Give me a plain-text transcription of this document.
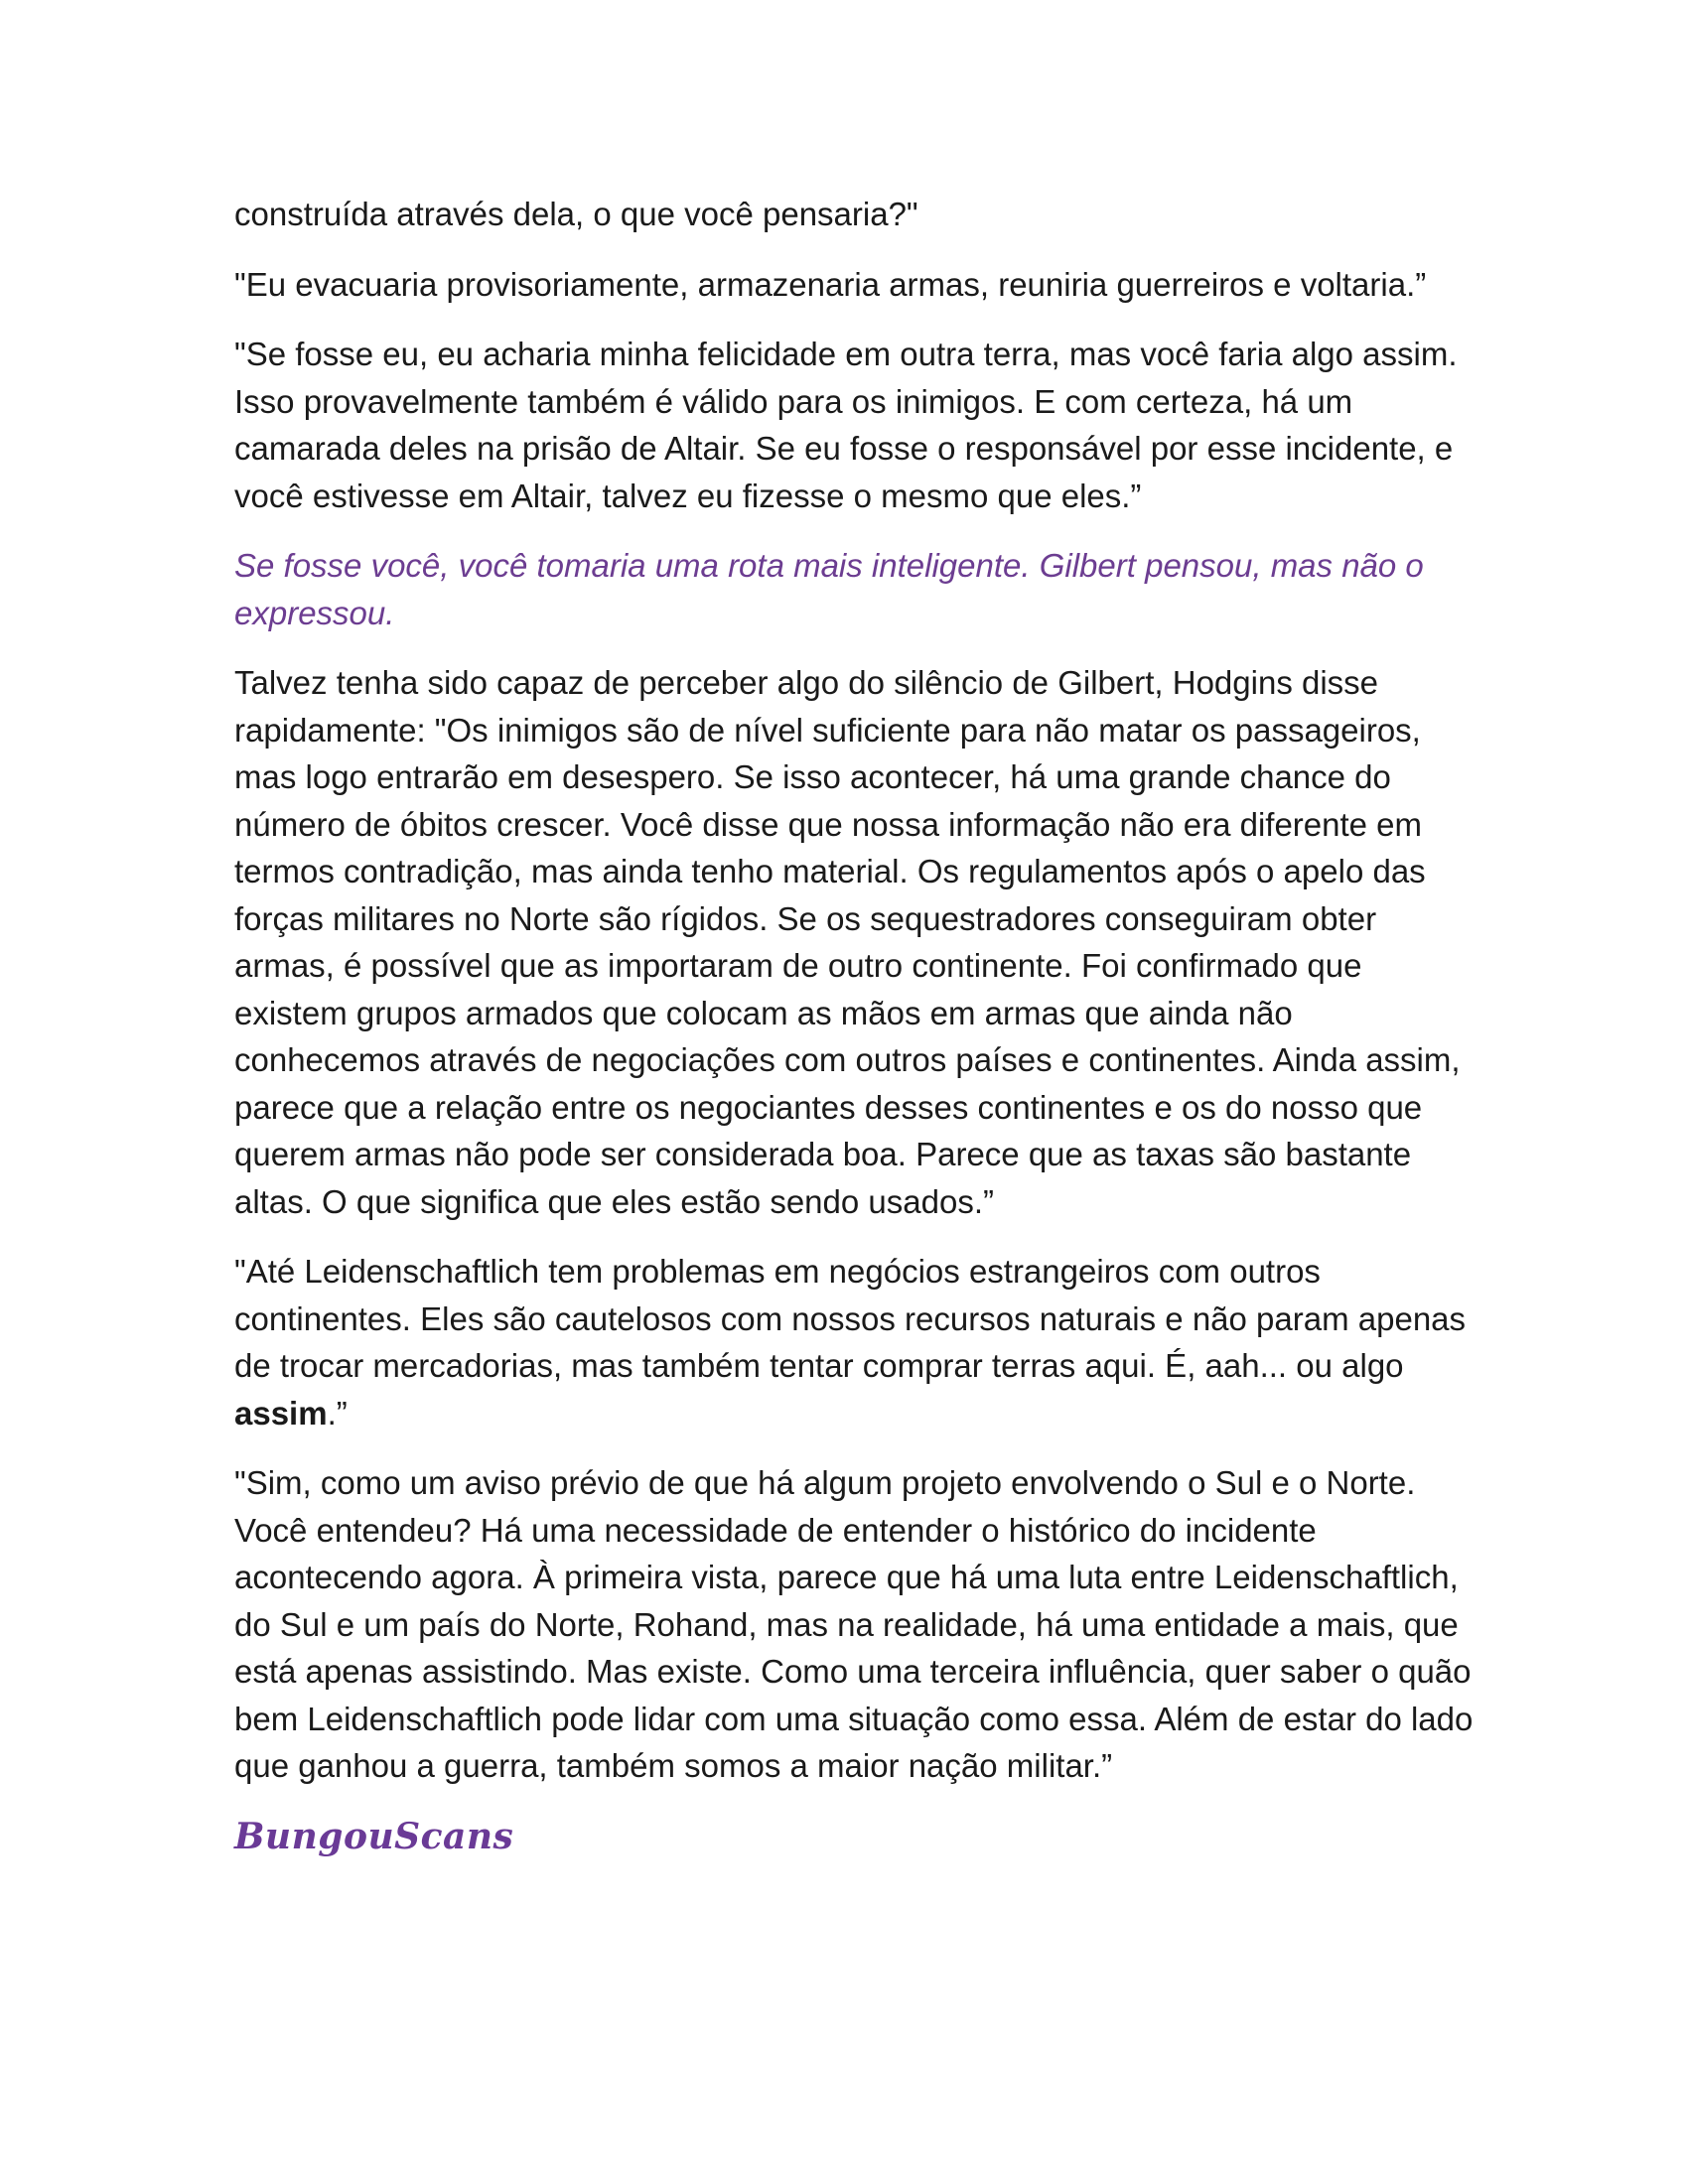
construída através dela, o que você pensaria?"

"Eu evacuaria provisoriamente, armazenaria armas, reuniria guerreiros e voltaria.”

"Se fosse eu, eu acharia minha felicidade em outra terra, mas você faria algo assim. Isso provavelmente também é válido para os inimigos. E com certeza, há um camarada deles na prisão de Altair. Se eu fosse o responsável por esse incidente, e você estivesse em Altair, talvez eu fizesse o mesmo que eles.”

Se fosse você, você tomaria uma rota mais inteligente. Gilbert pensou, mas não o expressou.

Talvez tenha sido capaz de perceber algo do silêncio de Gilbert, Hodgins disse rapidamente: "Os inimigos são de nível suficiente para não matar os passageiros, mas logo entrarão em desespero. Se isso acontecer, há uma grande chance do número de óbitos crescer. Você disse que nossa informação não era diferente em termos contradição, mas ainda tenho material. Os regulamentos após o apelo das forças militares no Norte são rígidos. Se os sequestradores conseguiram obter armas, é possível que as importaram de outro continente. Foi confirmado que existem grupos armados que colocam as mãos em armas que ainda não conhecemos através de negociações com outros países e continentes. Ainda assim, parece que a relação entre os negociantes desses continentes e os do nosso que querem armas não pode ser considerada boa. Parece que as taxas são bastante altas. O que significa que eles estão sendo usados.”

"Até Leidenschaftlich tem problemas em negócios estrangeiros com outros continentes. Eles são cautelosos com nossos recursos naturais e não param apenas de trocar mercadorias, mas também tentar comprar terras aqui. É, aah... ou algo assim.”

"Sim, como um aviso prévio de que há algum projeto envolvendo o Sul e o Norte. Você entendeu? Há uma necessidade de entender o histórico do incidente acontecendo agora. À primeira vista, parece que há uma luta entre Leidenschaftlich, do Sul e um país do Norte, Rohand, mas na realidade, há uma entidade a mais, que está apenas assistindo. Mas existe. Como uma terceira influência, quer saber o quão bem Leidenschaftlich pode lidar com uma situação como essa. Além de estar do lado que ganhou a guerra, também somos a maior nação militar.”

BungouScans
